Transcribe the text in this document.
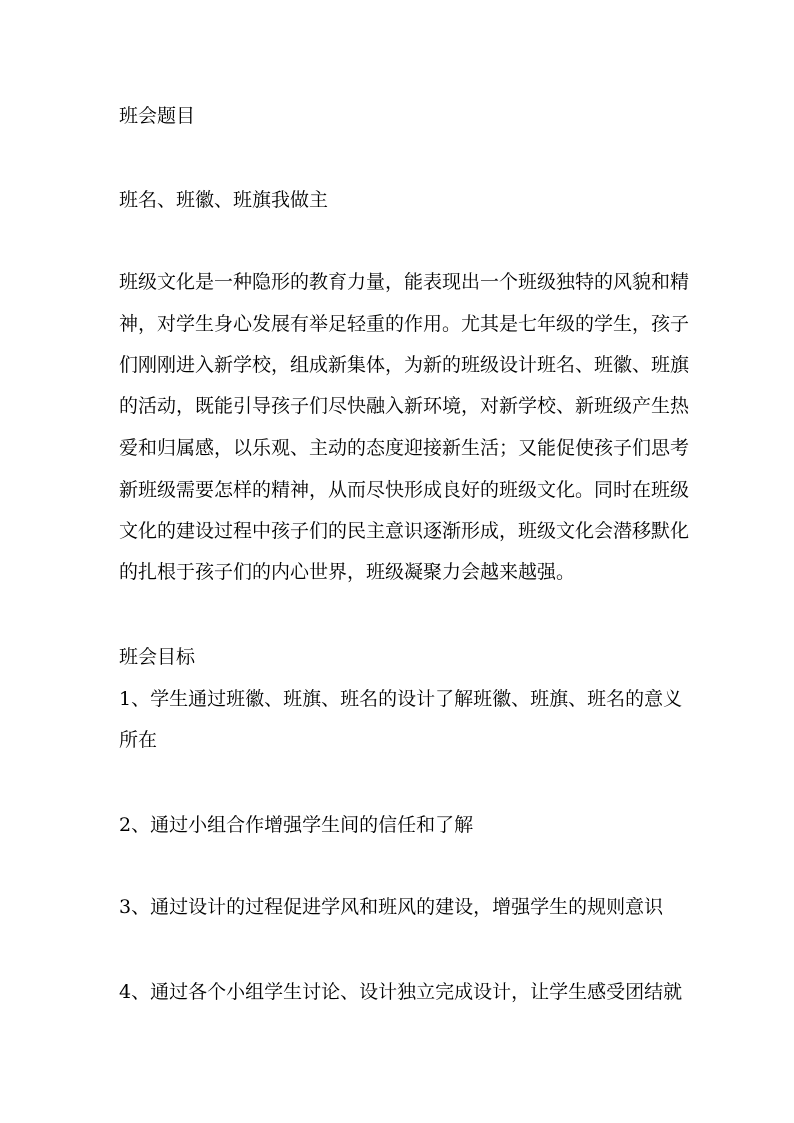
班会题目
班名、班徽、班旗我做主
班级文化是一种隐形的教育力量，能表现出一个班级独特的风貌和精
神，对学生身心发展有举足轻重的作用。尤其是七年级的学生，孩子
们刚刚进入新学校，组成新集体，为新的班级设计班名、班徽、班旗
的活动，既能引导孩子们尽快融入新环境，对新学校、新班级产生热
爱和归属感，以乐观、主动的态度迎接新生活；又能促使孩子们思考
新班级需要怎样的精神，从而尽快形成良好的班级文化。同时在班级
文化的建设过程中孩子们的民主意识逐渐形成，班级文化会潜移默化
的扎根于孩子们的内心世界，班级凝聚力会越来越强。
班会目标
1、学生通过班徽、班旗、班名的设计了解班徽、班旗、班名的意义
所在
2、通过小组合作增强学生间的信任和了解
3、通过设计的过程促进学风和班风的建设，增强学生的规则意识
4、通过各个小组学生讨论、设计独立完成设计，让学生感受团结就
